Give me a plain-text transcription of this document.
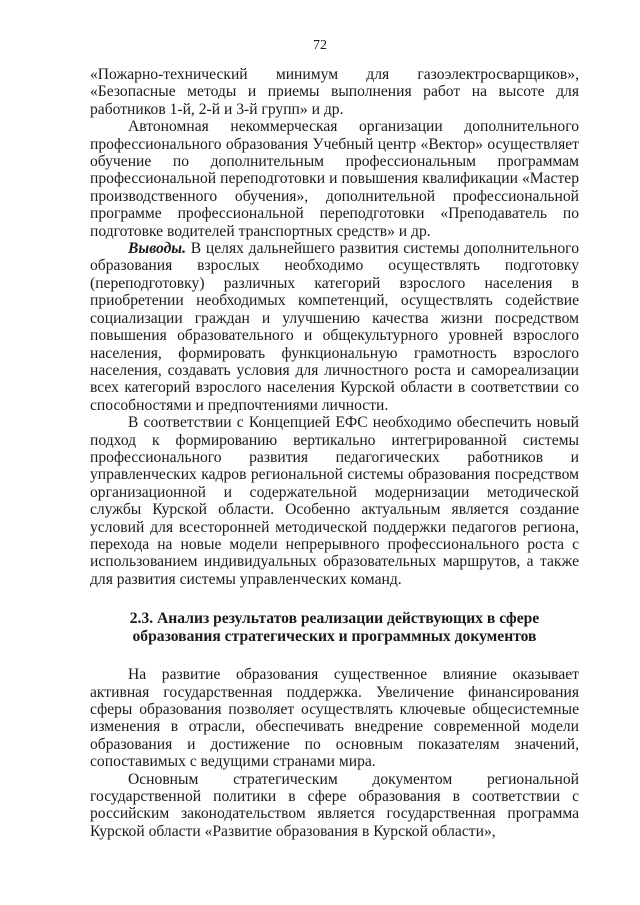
72

«Пожарно-технический минимум для газоэлектросварщиков», «Безопасные методы и приемы выполнения работ на высоте для работников 1-й, 2-й и 3-й групп» и др.

Автономная некоммерческая организации дополнительного профессионального образования Учебный центр «Вектор» осуществляет обучение по дополнительным профессиональным программам профессиональной переподготовки и повышения квалификации «Мастер производственного обучения», дополнительной профессиональной программе профессиональной переподготовки «Преподаватель по подготовке водителей транспортных средств» и др.

Выводы. В целях дальнейшего развития системы дополнительного образования взрослых необходимо осуществлять подготовку (переподготовку) различных категорий взрослого населения в приобретении необходимых компетенций, осуществлять содействие социализации граждан и улучшению качества жизни посредством повышения образовательного и общекультурного уровней взрослого населения, формировать функциональную грамотность взрослого населения, создавать условия для личностного роста и самореализации всех категорий взрослого населения Курской области в соответствии со способностями и предпочтениями личности.

В соответствии с Концепцией ЕФС необходимо обеспечить новый подход к формированию вертикально интегрированной системы профессионального развития педагогических работников и управленческих кадров региональной системы образования посредством организационной и содержательной модернизации методической службы Курской области. Особенно актуальным является создание условий для всесторонней методической поддержки педагогов региона, перехода на новые модели непрерывного профессионального роста с использованием индивидуальных образовательных маршрутов, а также для развития системы управленческих команд.

2.3. Анализ результатов реализации действующих в сфере

образования стратегических и программных документов

На развитие образования существенное влияние оказывает активная государственная поддержка. Увеличение финансирования сферы образования позволяет осуществлять ключевые общесистемные изменения в отрасли, обеспечивать внедрение современной модели образования и достижение по основным показателям значений, сопоставимых с ведущими странами мира.

Основным стратегическим документом региональной государственной политики в сфере образования в соответствии с российским законодательством является государственная программа Курской области «Развитие образования в Курской области»,
